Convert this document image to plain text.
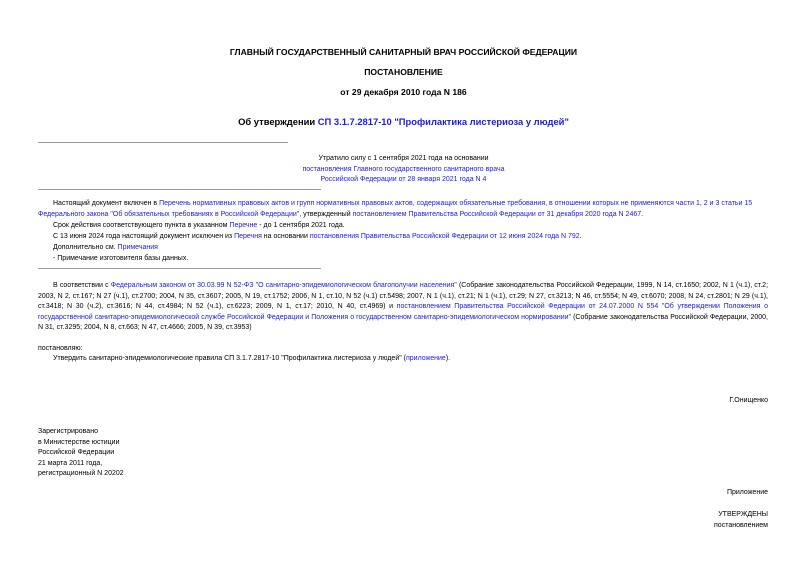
ГЛАВНЫЙ ГОСУДАРСТВЕННЫЙ САНИТАРНЫЙ ВРАЧ РОССИЙСКОЙ ФЕДЕРАЦИИ
ПОСТАНОВЛЕНИЕ
от 29 декабря 2010 года N 186
Об утверждении СП 3.1.7.2817-10 "Профилактика листериоза у людей"
Утратило силу с 1 сентября 2021 года на основании
постановления Главного государственного санитарного врача
Российской Федерации от 28 января 2021 года N 4
Настоящий документ включен в Перечень нормативных правовых актов и групп нормативных правовых актов, содержащих обязательные требования, в отношении которых не применяются части 1, 2 и 3 статьи 15 Федерального закона "Об обязательных требованиях в Российской Федерации", утвержденный постановлением Правительства Российской Федерации от 31 декабря 2020 года N 2467.
Срок действия соответствующего пункта в указанном Перечне - до 1 сентября 2021 года.
С 13 июня 2024 года настоящий документ исключен из Перечня на основании постановления Правительства Российской Федерации от 12 июня 2024 года N 792.
Дополнительно см. Примечания
- Примечание изготовителя базы данных.
В соответствии с Федеральным законом от 30.03.99 N 52-ФЗ "О санитарно-эпидемиологическом благополучии населения" (Собрание законодательства Российской Федерации, 1999, N 14, ст.1650; 2002, N 1 (ч.1), ст.2; 2003, N 2, ст.167; N 27 (ч.1), ст.2700; 2004, N 35, ст.3607; 2005, N 19, ст.1752; 2006, N 1, ст.10, N 52 (ч.1) ст.5498; 2007, N 1 (ч.1), ст.21; N 1 (ч.1), ст.29; N 27, ст.3213; N 46, ст.5554; N 49, ст.6070; 2008, N 24, ст.2801; N 29 (ч.1), ст.3418; N 30 (ч.2), ст.3616; N 44, ст.4984; N 52 (ч.1), ст.6223; 2009, N 1, ст.17; 2010, N 40, ст.4969) и постановлением Правительства Российской Федерации от 24.07.2000 N 554 "Об утверждении Положения о государственной санитарно-эпидемиологической службе Российской Федерации и Положения о государственном санитарно-эпидемиологическом нормировании" (Собрание законодательства Российской Федерации, 2000, N 31, ст.3295; 2004, N 8, ст.663; N 47, ст.4666; 2005, N 39, ст.3953)
постановляю:
Утвердить санитарно-эпидемиологические правила СП 3.1.7.2817-10 "Профилактика листериоза у людей" (приложение).
Г.Онищенко
Зарегистрировано
в Министерстве юстиции
Российской Федерации
21 марта 2011 года,
регистрационный N 20202
Приложение
УТВЕРЖДЕНЫ
постановлением
